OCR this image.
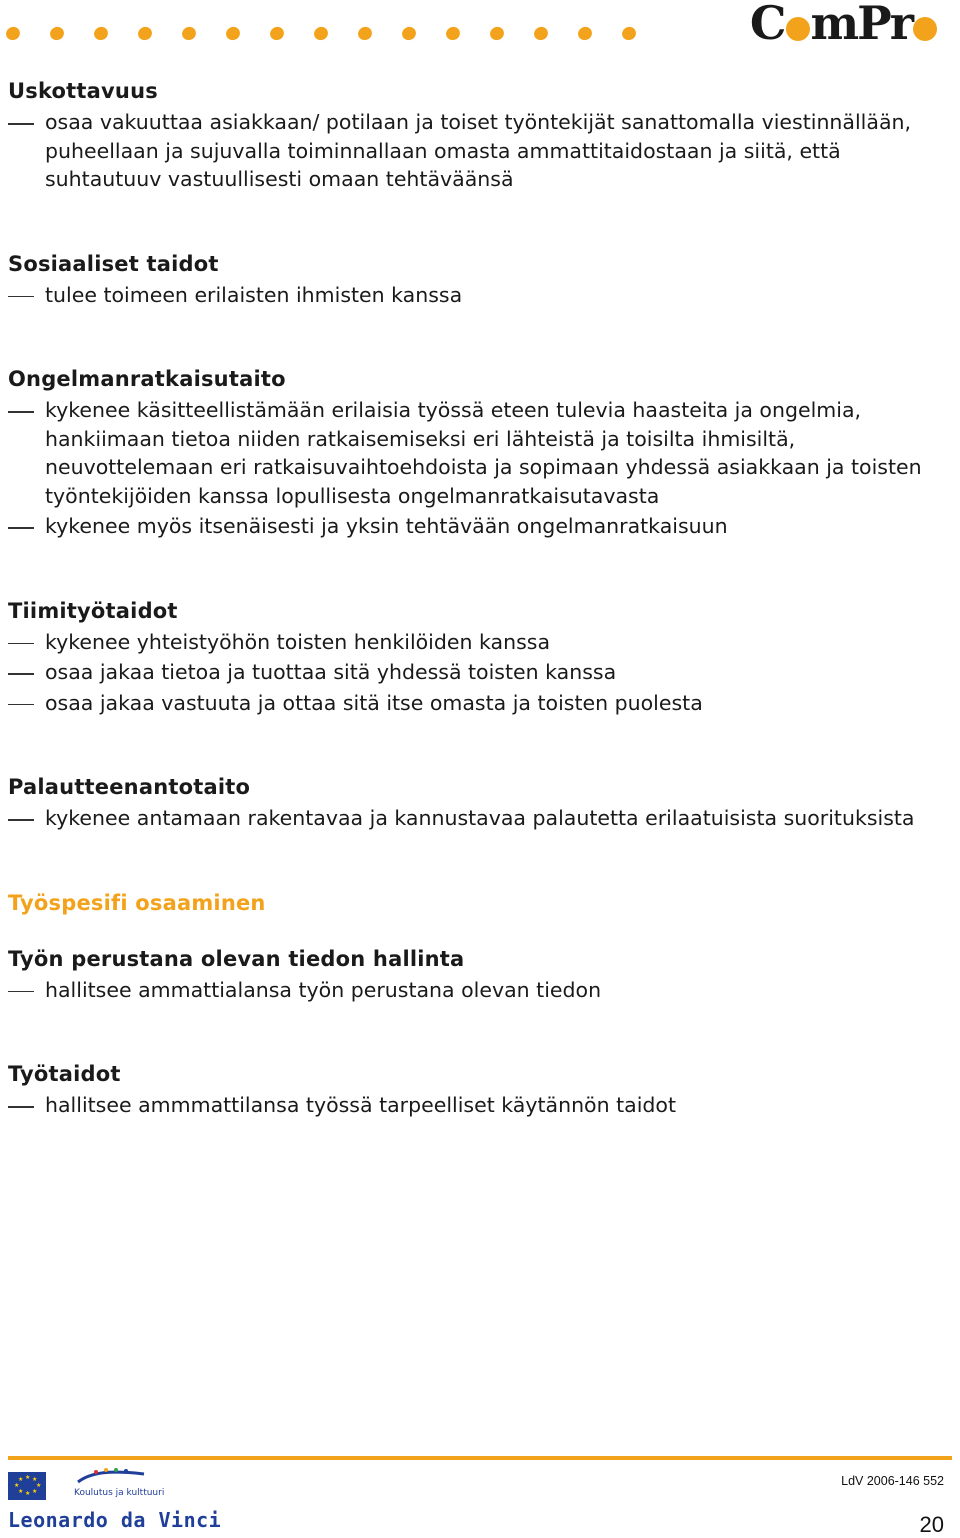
C mPr
Uskottavuus
osaa vakuuttaa asiakkaan/ potilaan ja toiset työntekijät sanattomalla viestinnällään, puheellaan ja sujuvalla toiminnallaan omasta ammattitaidostaan ja siitä, että suhtautuuv vastuullisesti omaan tehtäväänsä
Sosiaaliset taidot
tulee toimeen erilaisten ihmisten kanssa
Ongelmanratkaisutaito
kykenee käsitteellistämään erilaisia työssä eteen tulevia haasteita ja ongelmia, hankiimaan tietoa niiden ratkaisemiseksi eri lähteistä ja toisilta ihmisiltä, neuvottelemaan eri ratkaisuvaihtoehdoista ja sopimaan yhdessä asiakkaan ja toisten työntekijöiden kanssa lopullisesta ongelmanratkaisutavasta
kykenee myös itsenäisesti ja yksin tehtävään ongelmanratkaisuun
Tiimityötaidot
kykenee yhteistyöhön toisten henkilöiden kanssa
osaa jakaa tietoa ja tuottaa sitä yhdessä toisten kanssa
osaa jakaa vastuuta ja ottaa sitä itse omasta ja toisten puolesta
Palautteenantotaito
kykenee antamaan rakentavaa ja kannustavaa palautetta erilaatuisista suorituksista
Työspesifi osaaminen
Työn perustana olevan tiedon hallinta
hallitsee ammattialansa työn perustana olevan tiedon
Työtaidot
hallitsee ammmattilansa työssä tarpeelliset käytännön taidot
★ ★
★
★
★
★
★
★
Koulutus ja kulttuuri
Leonardo da Vinci
LdV 2006-146 552
20
